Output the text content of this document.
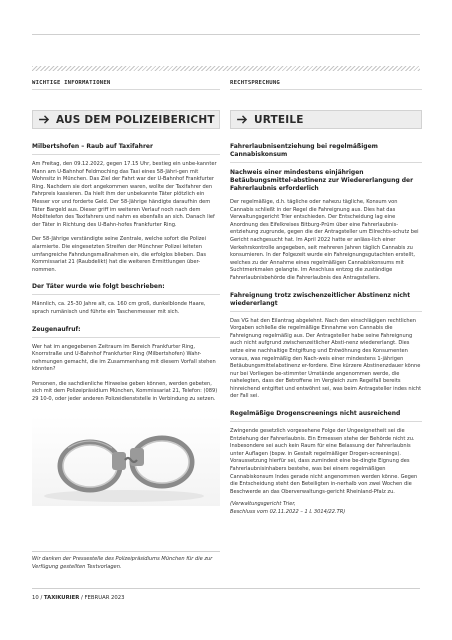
WICHTIGE INFORMATIONEN
AUS DEM POLIZEIBERICHT
Milbertshofen – Raub auf Taxifahrer

Am Freitag, den 09.12.2022, gegen 17.15 Uhr, bestieg ein unbe-kannter Mann am U-Bahnhof Feldmoching das Taxi eines 58-Jähri-gen mit Wohnsitz in München. Das Ziel der Fahrt war der U-Bahnhof Frankfurter Ring. Nachdem sie dort angekommen waren, wollte der Taxifahrer den Fahrpreis kassieren. Da hielt ihm der unbekannte Täter plötzlich ein Messer vor und forderte Geld. Der 58-Jährige händigte daraufhin dem Täter Bargeld aus. Dieser griff im weiteren Verlauf noch nach dem Mobiltelefon des Taxifahrers und nahm es ebenfalls an sich. Danach lief der Täter in Richtung des U-Bahn-hofes Frankfurter Ring.

Der 58-Jährige verständigte seine Zentrale, welche sofort die Polizei alarmierte. Die eingesetzten Streifen der Münchner Polizei leiteten umfangreiche Fahndungsmaßnahmen ein, die erfolglos blieben. Das Kommissariat 21 (Raubdelikt) hat die weiteren Ermittlungen über-nommen.

Der Täter wurde wie folgt beschrieben:

Männlich, ca. 25-30 Jahre alt, ca. 160 cm groß, dunkelblonde Haare, sprach rumänisch und führte ein Taschenmesser mit sich.

Zeugenaufruf:

Wer hat im angegebenen Zeitraum im Bereich Frankfurter Ring, Knorrstraße und U-Bahnhof Frankfurter Ring (Milbertshofen) Wahr-nehmungen gemacht, die im Zusammenhang mit diesem Vorfall stehen könnten?

Personen, die sachdienliche Hinweise geben können, werden gebeten, sich mit dem Polizeipräsidium München, Kommissariat 21, Telefon: (089) 29 10-0, oder jeder anderen Polizeidienststelle in Verbindung zu setzen.

Wir danken der Pressestelle des Polizeipräsidiums München für die zur Verfügung gestellten Textvorlagen.
RECHTSPRECHUNG
URTEILE
Fahrerlaubnisentziehung bei regelmäßigem Cannabiskonsum
Nachweis einer mindestens einjährigen Betäubungsmittel-abstinenz zur Wiedererlangung der Fahrerlaubnis erforderlich

Der regelmäßige, d.h. tägliche oder nahezu tägliche, Konsum von Cannabis schließt in der Regel die Fahreignung aus. Dies hat das Verwaltungsgericht Trier entschieden. Der Entscheidung lag eine Anordnung des Eifelkreises Bitburg-Prüm über eine Fahrerlaubnis-entziehung zugrunde, gegen die der Antragsteller um Eilrechts-schutz bei Gericht nachgesucht hat. Im April 2022 hatte er anläss-lich einer Verkehrskontrolle angegeben, seit mehreren Jahren täglich Cannabis zu konsumieren. In der Folgezeit wurde ein Fahreignungsgutachten erstellt, welches zu der Annahme eines regelmäßigen Cannabiskonsums mit Suchtmerkmalen gelangte. Im Anschluss entzog die zuständige Fahrerlaubnisbehörde die Fahrerlaubnis des Antragstellers.

Fahreignung trotz zwischenzeitlicher Abstinenz nicht wiedererlangt

Das VG hat den Eilantrag abgelehnt. Nach den einschlägigen rechtlichen Vorgaben schließe die regelmäßige Einnahme von Cannabis die Fahreignung regelmäßig aus. Der Antragsteller habe seine Fahreignung auch nicht aufgrund zwischenzeitlicher Absti-nenz wiedererlangt. Dies setze eine nachhaltige Entgiftung und Entwöhnung des Konsumenten voraus, was regelmäßig den Nach-weis einer mindestens 1-jährigen Betäubungsmittelabstinenz er-fordere. Eine kürzere Abstinenzdauer könne nur bei Vorliegen be-stimmter Umstände angenommen werde, die nahelegten, dass der Betroffene im Vergleich zum Regelfall bereits hinreichend entgiftet und entwöhnt sei, was beim Antragsteller indes nicht der Fall sei.

Regelmäßige Drogenscreenings nicht ausreichend

Zwingende gesetzlich vorgesehene Folge der Ungeeignetheit sei die Entziehung der Fahrerlaubnis. Ein Ermessen stehe der Behörde nicht zu. Insbesondere sei auch kein Raum für eine Belassung der Fahrerlaubnis unter Auflagen (bspw. in Gestalt regelmäßiger Drogen-screenings). Voraussetzung hierfür sei, dass zumindest eine be-dingte Eignung des Fahrerlaubnisinhabers bestehe, was bei einem regelmäßigen Cannabiskonsum Indes gerade nicht angenommen werden könne. Gegen die Entscheidung steht den Beteiligten in-nerhalb von zwei Wochen die Beschwerde an das Oberverwaltungs-gericht Rheinland-Pfalz zu.

(Verwaltungsgericht Trier,
Beschluss vom 02.11.2022 – 1 L 3014/22.TR)
10 / TAXIKURIER / FEBRUAR 2023
